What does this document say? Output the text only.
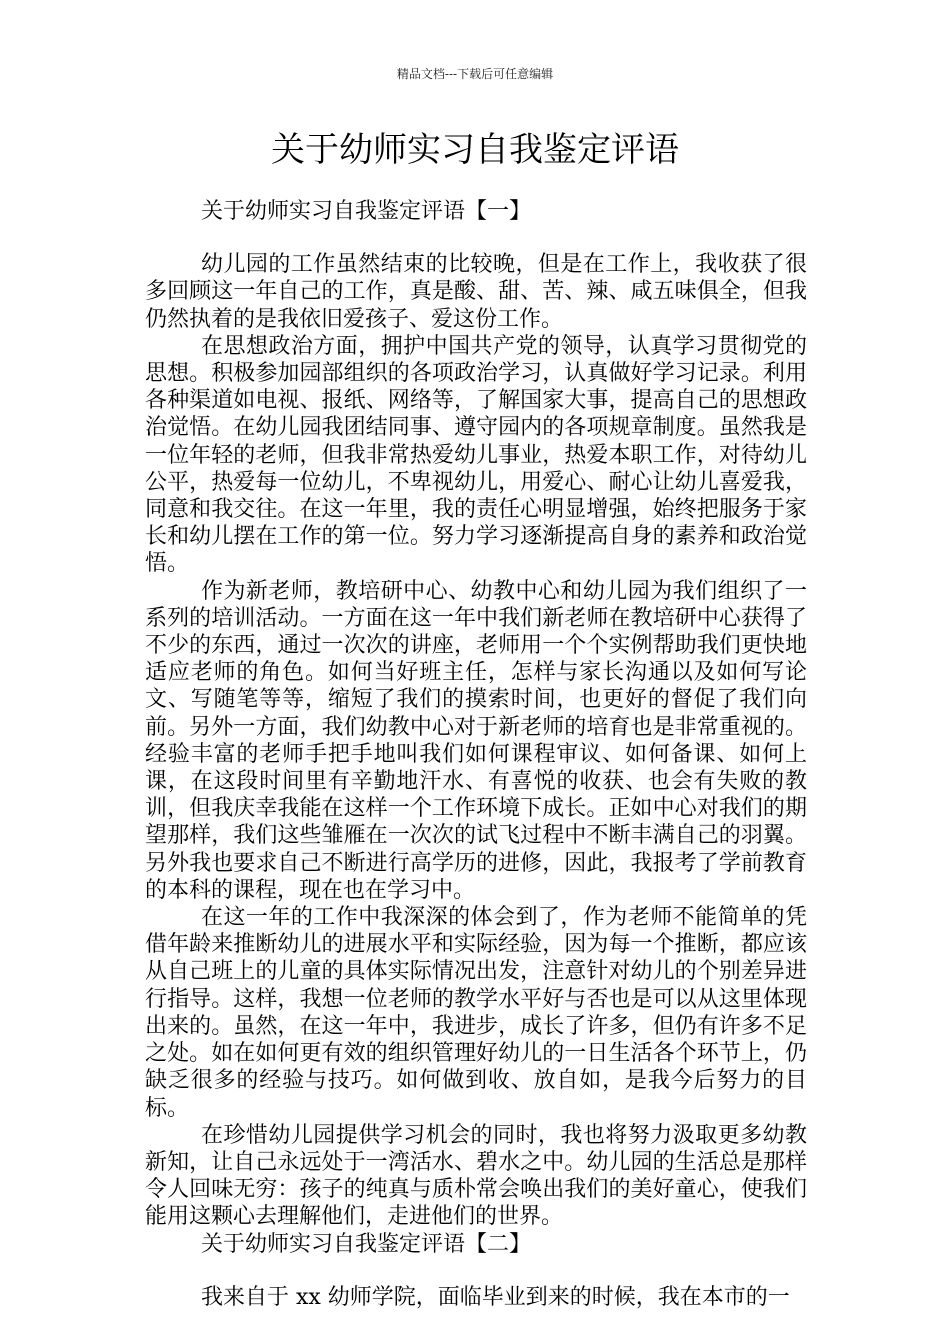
精品文档---下载后可任意编辑
关于幼师实习自我鉴定评语
关于幼师实习自我鉴定评语【一】

幼儿园的工作虽然结束的比较晚，但是在工作上，我收获了很多回顾这一年自己的工作，真是酸、甜、苦、辣、咸五味俱全，但我仍然执着的是我依旧爱孩子、爱这份工作。

在思想政治方面，拥护中国共产党的领导，认真学习贯彻党的思想。积极参加园部组织的各项政治学习，认真做好学习记录。利用各种渠道如电视、报纸、网络等，了解国家大事，提高自己的思想政治觉悟。在幼儿园我团结同事、遵守园内的各项规章制度。虽然我是一位年轻的老师，但我非常热爱幼儿事业，热爱本职工作，对待幼儿公平，热爱每一位幼儿，不卑视幼儿，用爱心、耐心让幼儿喜爱我，同意和我交往。在这一年里，我的责任心明显增强，始终把服务于家长和幼儿摆在工作的第一位。努力学习逐渐提高自身的素养和政治觉悟。

作为新老师，教培研中心、幼教中心和幼儿园为我们组织了一系列的培训活动。一方面在这一年中我们新老师在教培研中心获得了不少的东西，通过一次次的讲座，老师用一个个实例帮助我们更快地适应老师的角色。如何当好班主任，怎样与家长沟通以及如何写论文、写随笔等等，缩短了我们的摸索时间，也更好的督促了我们向前。另外一方面，我们幼教中心对于新老师的培育也是非常重视的。经验丰富的老师手把手地叫我们如何课程审议、如何备课、如何上课，在这段时间里有辛勤地汗水、有喜悦的收获、也会有失败的教训，但我庆幸我能在这样一个工作环境下成长。正如中心对我们的期望那样，我们这些雏雁在一次次的试飞过程中不断丰满自己的羽翼。另外我也要求自己不断进行高学历的进修，因此，我报考了学前教育的本科的课程，现在也在学习中。

在这一年的工作中我深深的体会到了，作为老师不能简单的凭借年龄来推断幼儿的进展水平和实际经验，因为每一个推断，都应该从自己班上的儿童的具体实际情况出发，注意针对幼儿的个别差异进行指导。这样，我想一位老师的教学水平好与否也是可以从这里体现出来的。虽然，在这一年中，我进步，成长了许多，但仍有许多不足之处。如在如何更有效的组织管理好幼儿的一日生活各个环节上，仍缺乏很多的经验与技巧。如何做到收、放自如，是我今后努力的目标。

在珍惜幼儿园提供学习机会的同时，我也将努力汲取更多幼教新知，让自己永远处于一湾活水、碧水之中。幼儿园的生活总是那样令人回味无穷：孩子的纯真与质朴常会唤出我们的美好童心，使我们能用这颗心去理解他们，走进他们的世界。

关于幼师实习自我鉴定评语【二】

我来自于 xx 幼师学院，面临毕业到来的时候，我在本市的一
